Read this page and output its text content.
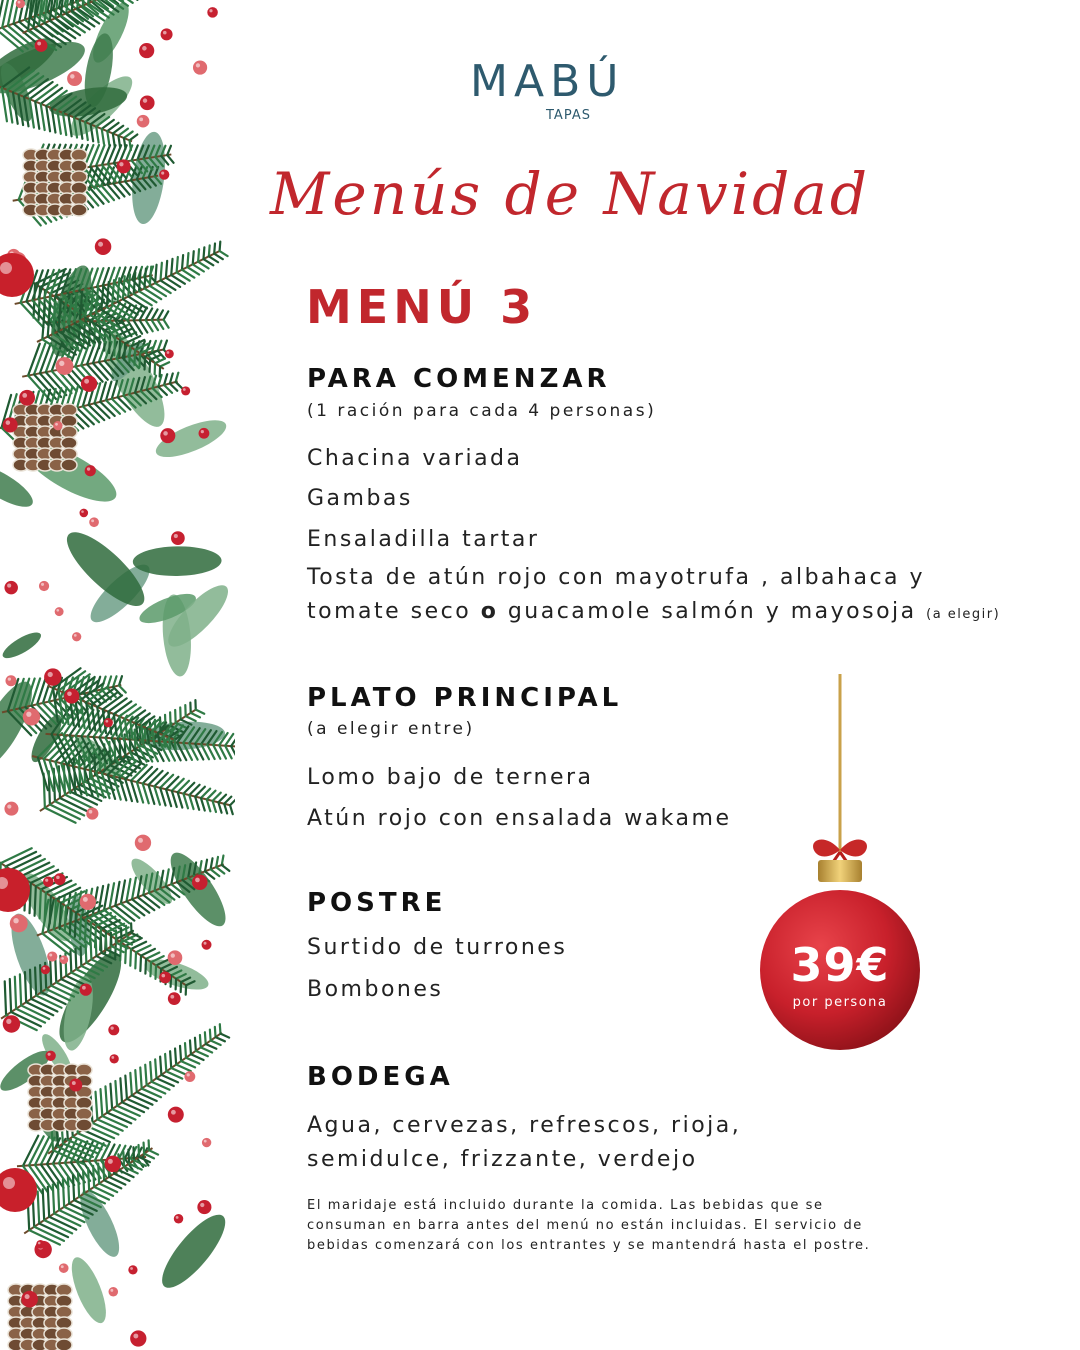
MABÚ
TAPAS
Menús de Navidad
MENÚ 3
PARA COMENZAR
(1 ración para cada 4 personas)
Chacina variada
Gambas
Ensaladilla tartar
Tosta de atún rojo con mayotrufa , albahaca y
tomate seco o guacamole salmón y mayosoja (a elegir)
PLATO PRINCIPAL
(a elegir entre)
Lomo bajo de ternera
Atún rojo con ensalada wakame
POSTRE
Surtido de turrones
Bombones
BODEGA
Agua, cervezas, refrescos, rioja,
semidulce, frizzante, verdejo
El maridaje está incluido durante la comida. Las bebidas que se
consuman en barra antes del menú no están incluidas. El servicio de
bebidas comenzará con los entrantes y se mantendrá hasta el postre.
39€
por persona
